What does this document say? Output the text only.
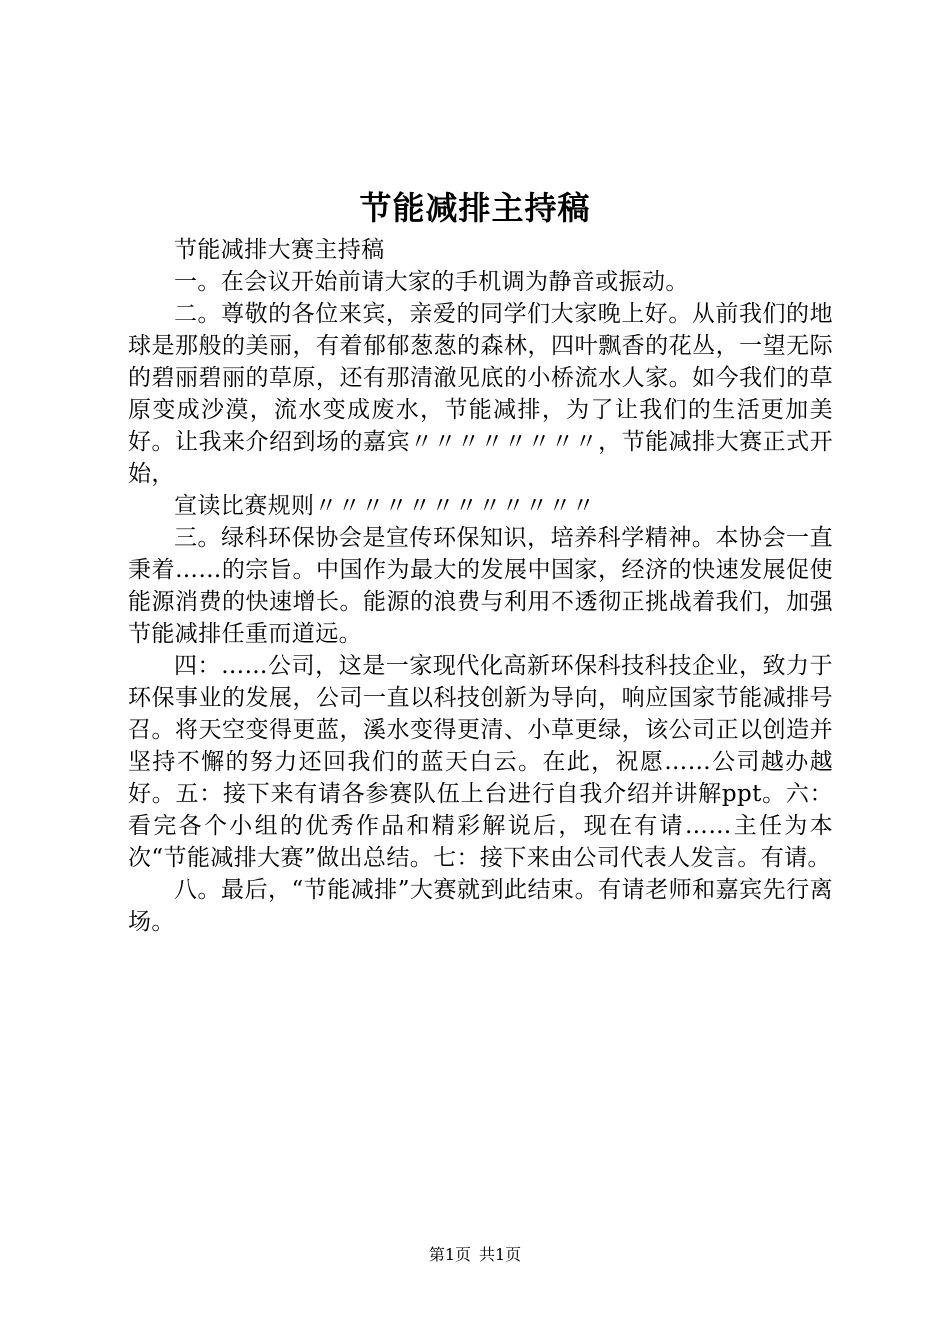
节能减排主持稿

节能减排大赛主持稿

一。在会议开始前请大家的手机调为静音或振动。

二。尊敬的各位来宾，亲爱的同学们大家晚上好。从前我们的地球是那般的美丽，有着郁郁葱葱的森林，四叶飘香的花丛，一望无际的碧丽碧丽的草原，还有那清澈见底的小桥流水人家。如今我们的草原变成沙漠，流水变成废水，节能减排，为了让我们的生活更加美好。让我来介绍到场的嘉宾〃〃〃〃〃〃〃〃，节能减排大赛正式开始，

宣读比赛规则〃〃〃〃〃〃〃〃〃〃〃〃

三。绿科环保协会是宣传环保知识，培养科学精神。本协会一直秉着……的宗旨。中国作为最大的发展中国家，经济的快速发展促使能源消费的快速增长。能源的浪费与利用不透彻正挑战着我们，加强节能减排任重而道远。

四：……公司，这是一家现代化高新环保科技科技企业，致力于环保事业的发展，公司一直以科技创新为导向，响应国家节能减排号召。将天空变得更蓝，溪水变得更清、小草更绿，该公司正以创造并坚持不懈的努力还回我们的蓝天白云。在此，祝愿……公司越办越好。五：接下来有请各参赛队伍上台进行自我介绍并讲解ppt。六：看完各个小组的优秀作品和精彩解说后，现在有请……主任为本次“节能减排大赛”做出总结。七：接下来由公司代表人发言。有请。

八。最后，“节能减排”大赛就到此结束。有请老师和嘉宾先行离场。

第1页 共1页
